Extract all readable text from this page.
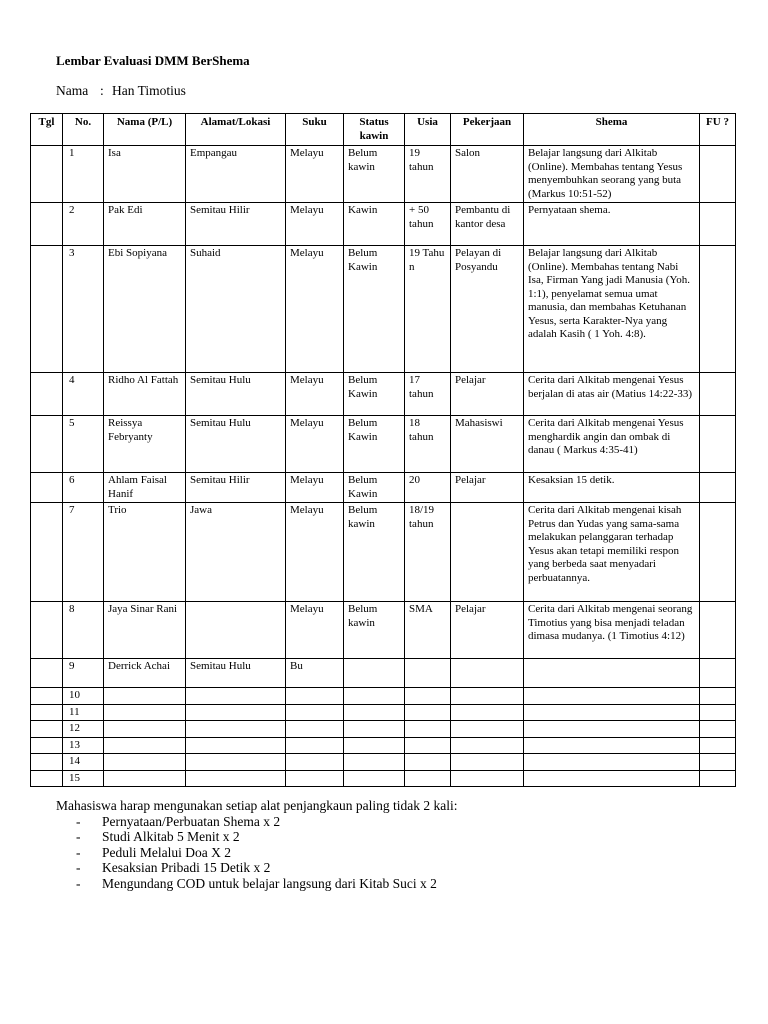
Lembar Evaluasi DMM BerShema
Nama : Han Timotius
Tgl	No.	Nama (P/L)	Alamat/Lokasi	Suku	Status kawin	Usia	Pekerjaan	Shema	FU ?
	1	Isa	Empangau	Melayu	Belum kawin	19 tahun	Salon	Belajar langsung dari Alkitab (Online). Membahas tentang Yesus menyembuhkan seorang yang buta (Markus 10:51-52)	
	2	Pak Edi	Semitau Hilir	Melayu	Kawin	+ 50 tahun	Pembantu di kantor desa	Pernyataan shema.	
	3	Ebi Sopiyana	Suhaid	Melayu	Belum Kawin	19 Tahu n	Pelayan di Posyandu	Belajar langsung dari Alkitab (Online). Membahas tentang Nabi Isa, Firman Yang jadi Manusia (Yoh. 1:1), penyelamat semua umat manusia, dan membahas Ketuhanan Yesus, serta Karakter-Nya yang adalah Kasih ( 1 Yoh. 4:8).	
	4	Ridho Al Fattah	Semitau Hulu	Melayu	Belum Kawin	17 tahun	Pelajar	Cerita dari Alkitab mengenai Yesus berjalan di atas air (Matius 14:22-33)	
	5	Reissya Febryanty	Semitau Hulu	Melayu	Belum Kawin	18 tahun	Mahasiswi	Cerita dari Alkitab mengenai Yesus menghardik angin dan ombak di danau ( Markus 4:35-41)	
	6	Ahlam Faisal Hanif	Semitau Hilir	Melayu	Belum Kawin	20	Pelajar	Kesaksian 15 detik.	
	7	Trio	Jawa	Melayu	Belum kawin	18/19 tahun		Cerita dari Alkitab mengenai kisah Petrus dan Yudas yang sama-sama melakukan pelanggaran terhadap Yesus akan tetapi memiliki respon yang berbeda saat menyadari perbuatannya.	
	8	Jaya Sinar Rani		Melayu	Belum kawin	SMA	Pelajar	Cerita dari Alkitab mengenai seorang Timotius yang bisa menjadi teladan dimasa mudanya. (1 Timotius 4:12)	
	9	Derrick Achai	Semitau Hulu	Bu					
	10								
	11								
	12								
	13								
	14								
	15								
Mahasiswa harap mengunakan setiap alat penjangkaun paling tidak 2 kali:
- Pernyataan/Perbuatan Shema x 2
- Studi Alkitab 5 Menit x 2
- Peduli Melalui Doa X 2
- Kesaksian Pribadi 15 Detik x 2
- Mengundang COD untuk belajar langsung dari Kitab Suci x 2
